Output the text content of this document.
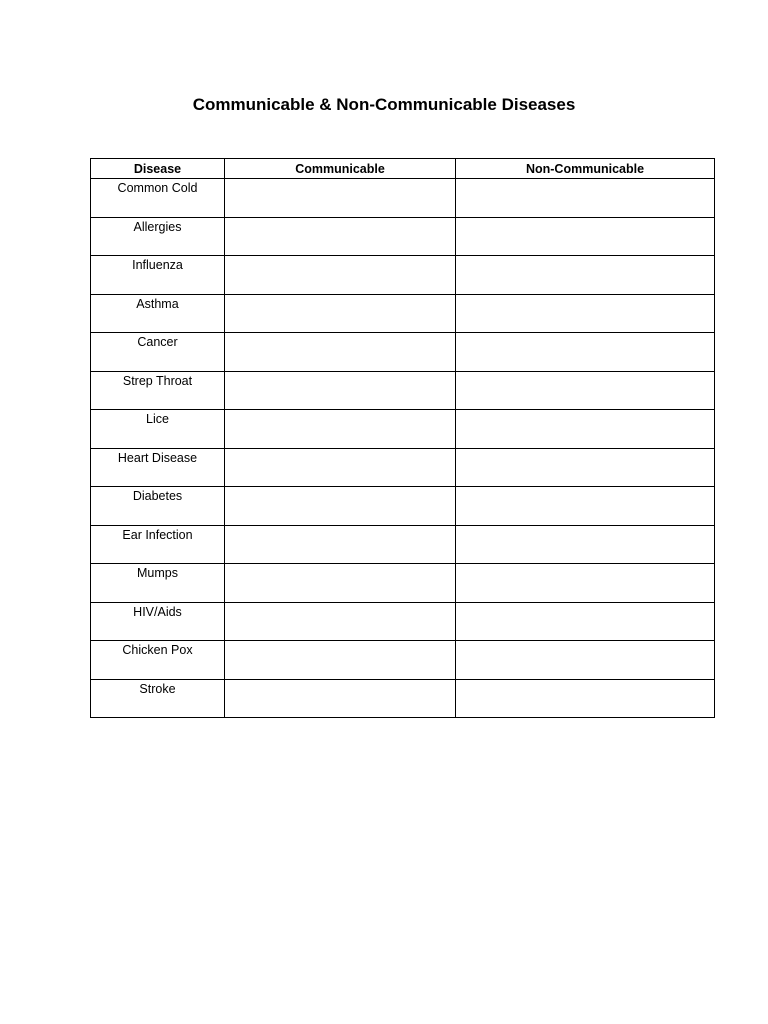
Communicable & Non-Communicable Diseases
Disease	Communicable	Non-Communicable
Common Cold		
Allergies		
Influenza		
Asthma		
Cancer		
Strep Throat		
Lice		
Heart Disease		
Diabetes		
Ear Infection		
Mumps		
HIV/Aids		
Chicken Pox		
Stroke		
